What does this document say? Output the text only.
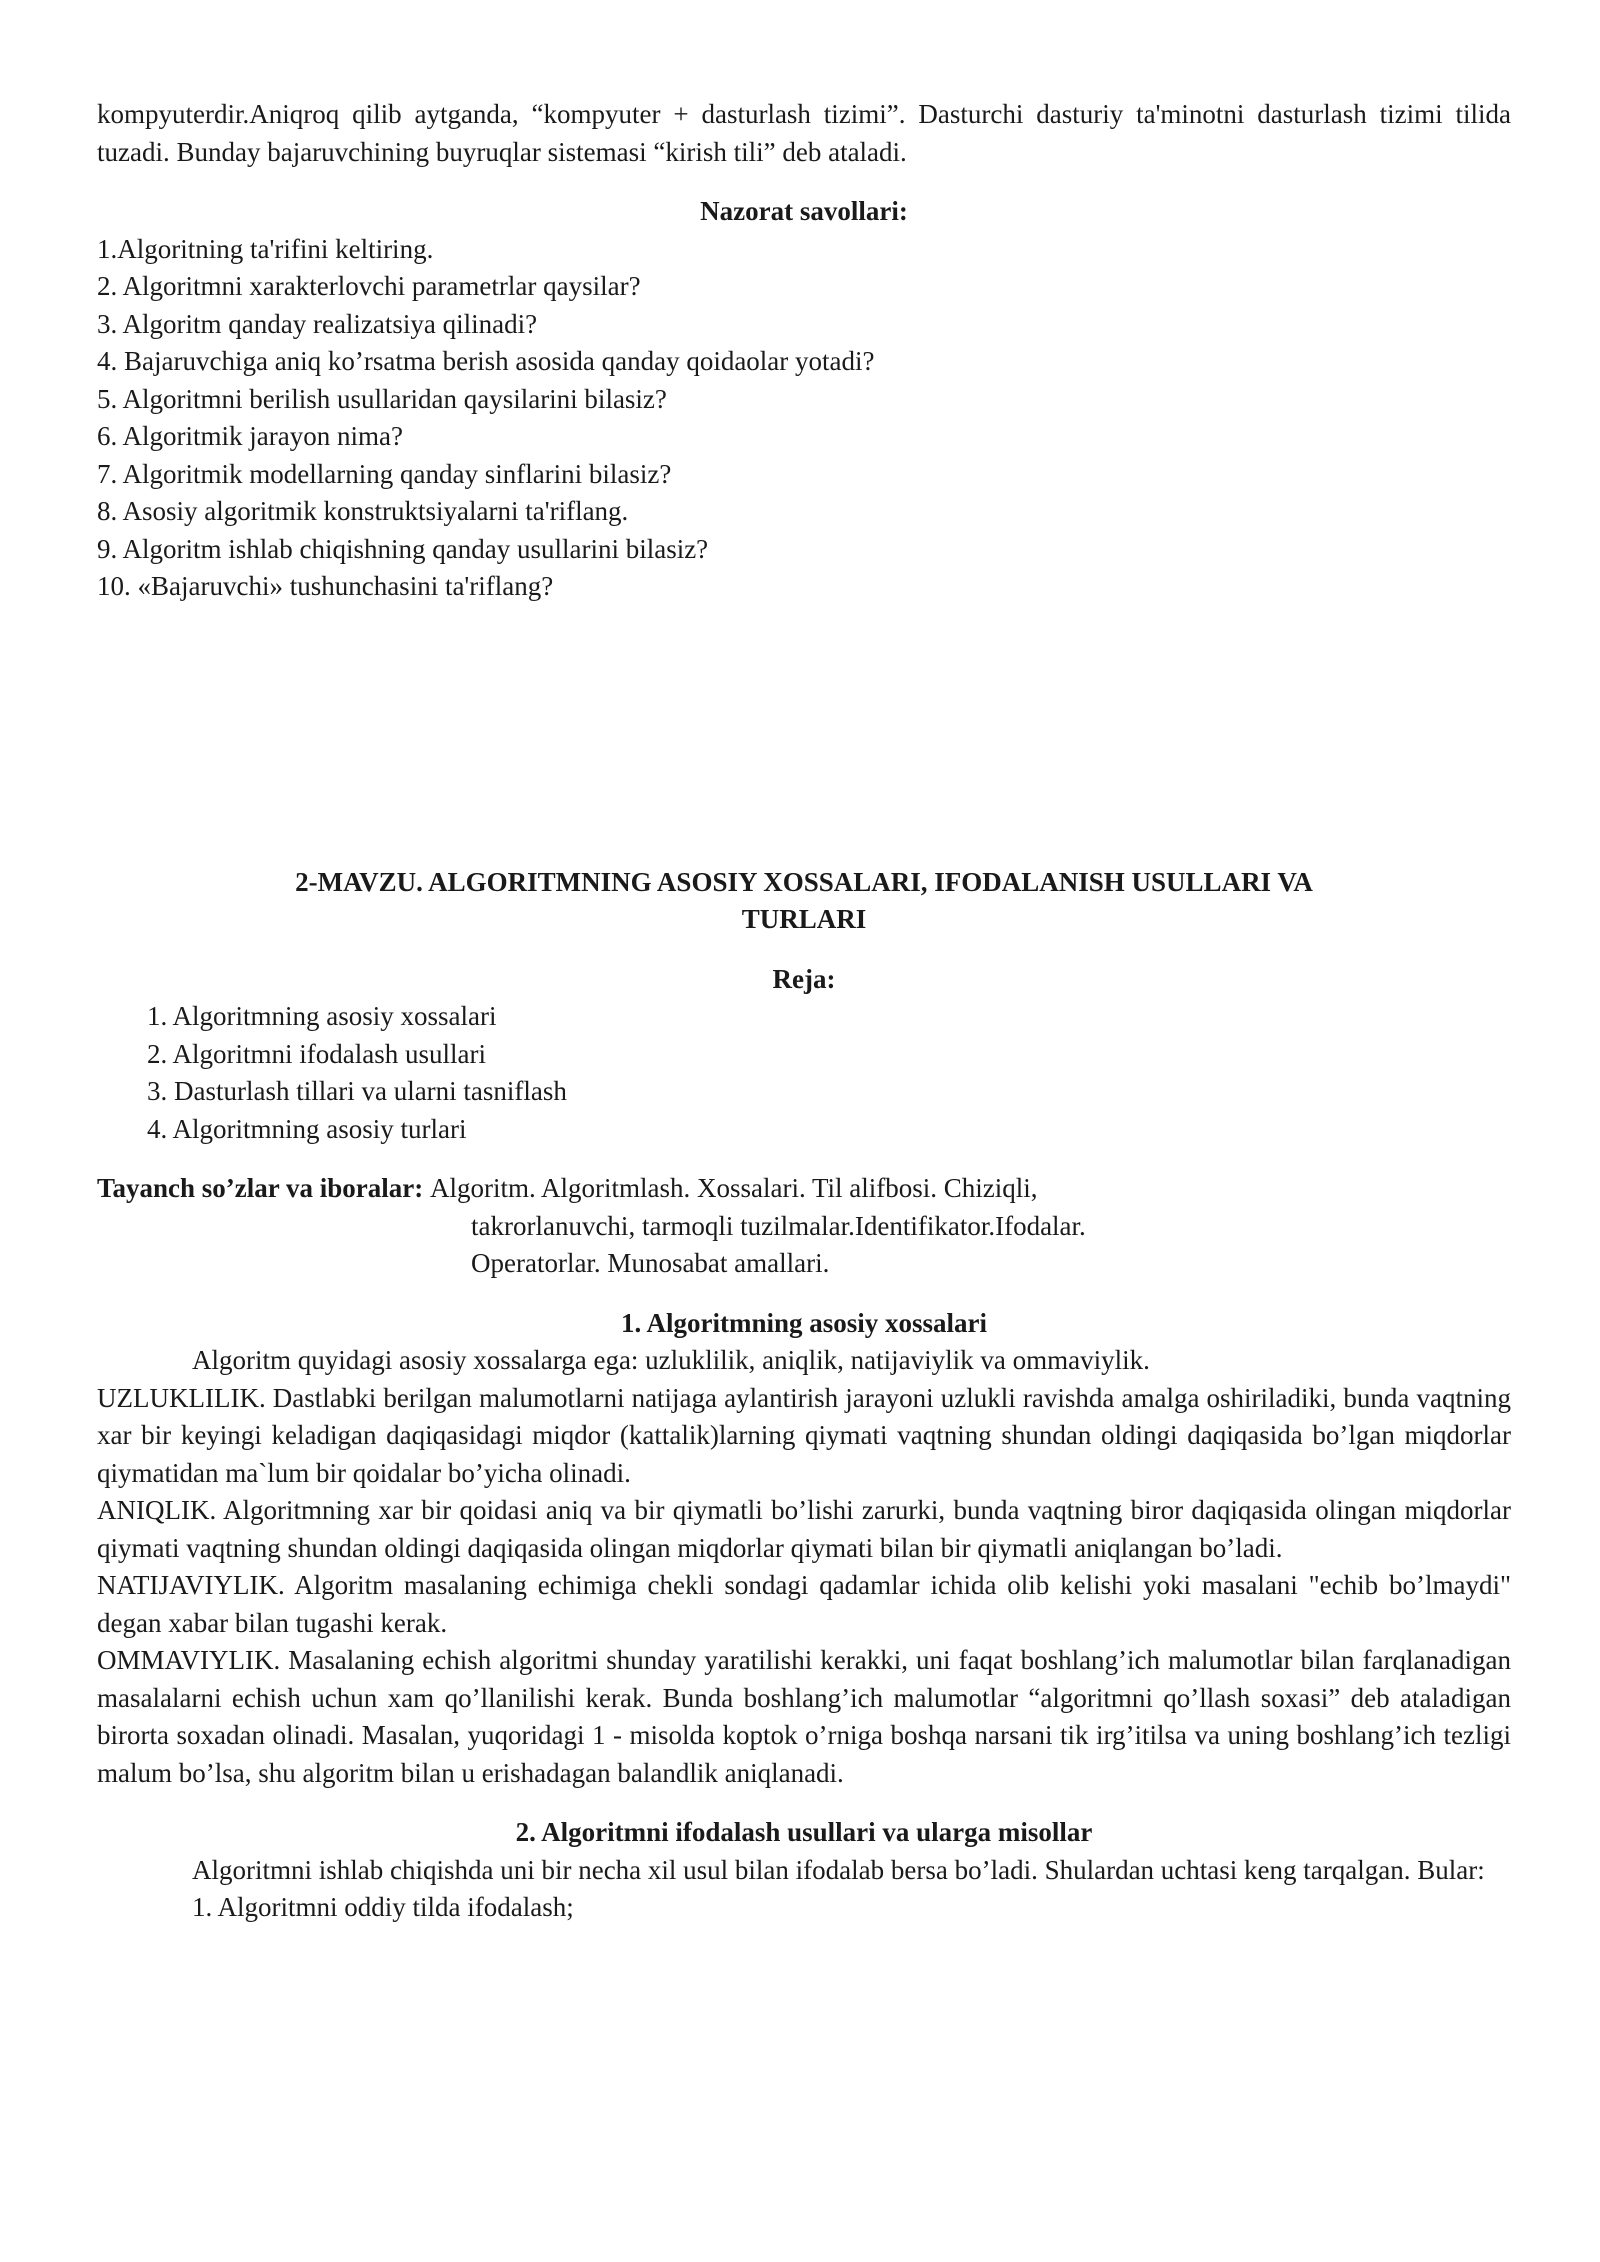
kompyuterdir.Aniqroq qilib aytganda, “kompyuter + dasturlash tizimi”. Dasturchi dasturiy ta'minotni dasturlash tizimi tilida tuzadi. Bunday bajaruvchining buyruqlar sistemasi “kirish tili” deb ataladi.

Nazorat savollari:

1.Algoritning ta'rifini keltiring.

2. Algoritmni xarakterlovchi parametrlar qaysilar?

3. Algoritm qanday realizatsiya qilinadi?

4. Bajaruvchiga aniq ko’rsatma berish asosida qanday qoidaolar yotadi?

5. Algoritmni berilish usullaridan qaysilarini bilasiz?

6. Algoritmik jarayon nima?

7. Algoritmik modellarning qanday sinflarini bilasiz?

8. Asosiy algoritmik konstruktsiyalarni ta'riflang.

9. Algoritm ishlab chiqishning qanday usullarini bilasiz?

10. «Bajaruvchi» tushunchasini ta'riflang?

2-MAVZU. ALGORITMNING ASOSIY XOSSALARI, IFODALANISH USULLARI VA

TURLARI

Reja:

1. Algoritmning asosiy xossalari

2. Algoritmni ifodalash usullari

3. Dasturlash tillari va ularni tasniflash

4. Algoritmning asosiy turlari

Tayanch so’zlar va iboralar: Algoritm. Algoritmlash. Xossalari. Til alifbosi. Chiziqli,

takrorlanuvchi, tarmoqli tuzilmalar.Identifikator.Ifodalar.

Operatorlar. Munosabat amallari.

1. Algoritmning asosiy xossalari

Algoritm quyidagi asosiy xossalarga ega: uzluklilik, aniqlik, natijaviylik va ommaviylik.

UZLUKLILIK. Dastlabki berilgan malumotlarni natijaga aylantirish jarayoni uzlukli ravishda amalga oshiriladiki, bunda vaqtning xar bir keyingi keladigan daqiqasidagi miqdor (kattalik)larning qiymati vaqtning shundan oldingi daqiqasida bo’lgan miqdorlar qiymatidan ma`lum bir qoidalar bo’yicha olinadi.

ANIQLIK. Algoritmning xar bir qoidasi aniq va bir qiymatli bo’lishi zarurki, bunda vaqtning biror daqiqasida olingan miqdorlar qiymati vaqtning shundan oldingi daqiqasida olingan miqdorlar qiymati bilan bir qiymatli aniqlangan bo’ladi.

NATIJAVIYLIK. Algoritm masalaning echimiga chekli sondagi qadamlar ichida olib kelishi yoki masalani "echib bo’lmaydi" degan xabar bilan tugashi kerak.

OMMAVIYLIK. Masalaning echish algoritmi shunday yaratilishi kerakki, uni faqat boshlang’ich malumotlar bilan farqlanadigan masalalarni echish uchun xam qo’llanilishi kerak. Bunda boshlang’ich malumotlar “algoritmni qo’llash soxasi” deb ataladigan birorta soxadan olinadi. Masalan, yuqoridagi 1 - misolda koptok o’rniga boshqa narsani tik irg’itilsa va uning boshlang’ich tezligi malum bo’lsa, shu algoritm bilan u erishadagan balandlik aniqlanadi.

2. Algoritmni ifodalash usullari va ularga misollar

Algoritmni ishlab chiqishda uni bir necha xil usul bilan ifodalab bersa bo’ladi. Shulardan uchtasi keng tarqalgan. Bular:

1. Algoritmni oddiy tilda ifodalash;
